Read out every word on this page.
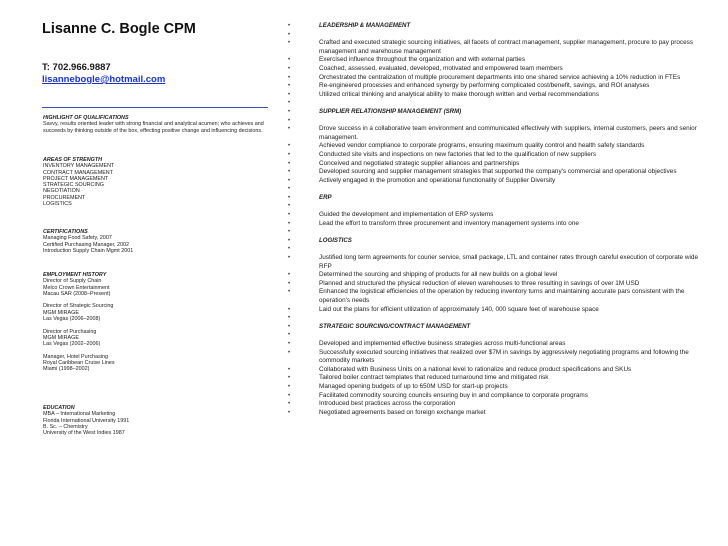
Lisanne C. Bogle CPM
T: 702.966.9887
lisannebogle@hotmail.com
HIGHLIGHT OF QUALIFICATIONS
Savvy, results oriented leader with strong financial and analytical acumen; who achieves and succeeds by thinking outside of the box, effecting positive change and influencing decisions.
AREAS OF STRENGTH
INVENTORY MANAGEMENT
CONTRACT MANAGEMENT
PROJECT MANAGEMENT
STRATEGIC SOURCING
NEGOTIATION
PROCUREMENT
LOGISTICS
CERTIFICATIONS
Managing Food Safety, 2007
Certified Purchasing Manager, 2002
Introduction Supply Chain Mgmt 2001
EMPLOYMENT HISTORY
Director of Supply Chain
Melco Crown Entertainment
Macau SAR (2008–Present)
Director of Strategic Sourcing
MGM MIRAGE
Las Vegas (2006–2008)
Director of Purchasing
MGM MIRAGE
Las Vegas (2002–2006)
Manager, Hotel Purchasing
Royal Caribbean Cruise Lines
Miami (1998–2002)
EDUCATION
MBA – International Marketing
Florida International University 1991
B. Sc. – Chemistry
University of the West Indies 1987
•	LEADERSHIP & MANAGEMENT
•
•	Crafted and executed strategic sourcing initiatives, all facets of contract management, supplier management, procure to pay process management and warehouse management
•	Exercised influence throughout the organization and with external parties
•	Coached, assessed, evaluated, developed, motivated and empowered team members
•	Orchestrated the centralization of multiple procurement departments into one shared service achieving a 10% reduction in FTEs
•	Re-engineered processes and enhanced synergy by performing complicated cost/benefit, savings, and ROI analyses
•	Utilized critical thinking and analytical ability to make thorough written and verbal recommendations
•
•	SUPPLIER RELATIONSHIP MANAGEMENT (SRM)
•
•	Drove success in a collaborative team environment and communicated effectively with suppliers, internal customers, peers and senior management.
•	Achieved vendor compliance to corporate programs, ensuring maximum quality control and health safety standards
•	Conducted site visits and inspections on new factories that led to the qualification of new suppliers
•	Conceived and negotiated strategic supplier alliances and partnerships
•	Developed sourcing and supplier management strategies that supported the company's commercial and operational objectives
•	Actively engaged in the promotion and operational functionality of Supplier Diversity
•
•	ERP
•
•	Guided the development and implementation of ERP systems
•	Lead the effort to transform three procurement and inventory management systems into one
•
•	LOGISTICS
•
•	Justified long term agreements for courier service, small package, LTL and container rates through careful execution of corporate wide RFP
•	Determined the sourcing and shipping of products for all new builds on a global level
•	Planned and structured the physical reduction of eleven warehouses to three resulting in savings of over 1M USD
•	Enhanced the logistical efficiencies of the operation by reducing inventory turns and maintaining accurate pars consistent with the operation's needs
•	Laid out the plans for efficient utilization of approximately 140, 000 square feet of warehouse space
•
•	STRATEGIC SOURCING/CONTRACT MANAGEMENT
•
•	Developed and implemented effective business strategies across multi-functional areas
•	Successfully executed sourcing initiatives that realized over $7M in savings by aggressively negotiating programs and following the commodity markets
•	Collaborated with Business Units on a national level to rationalize and reduce product specifications and SKUs
•	Tailored boiler contract templates that reduced turnaround time and mitigated risk
•	Managed opening budgets of up to 650M USD for start-up projects
•	Facilitated commodity sourcing councils ensuring buy in and compliance to corporate programs
•	Introduced best practices across the corporation
•	Negotiated agreements based on foreign exchange market
